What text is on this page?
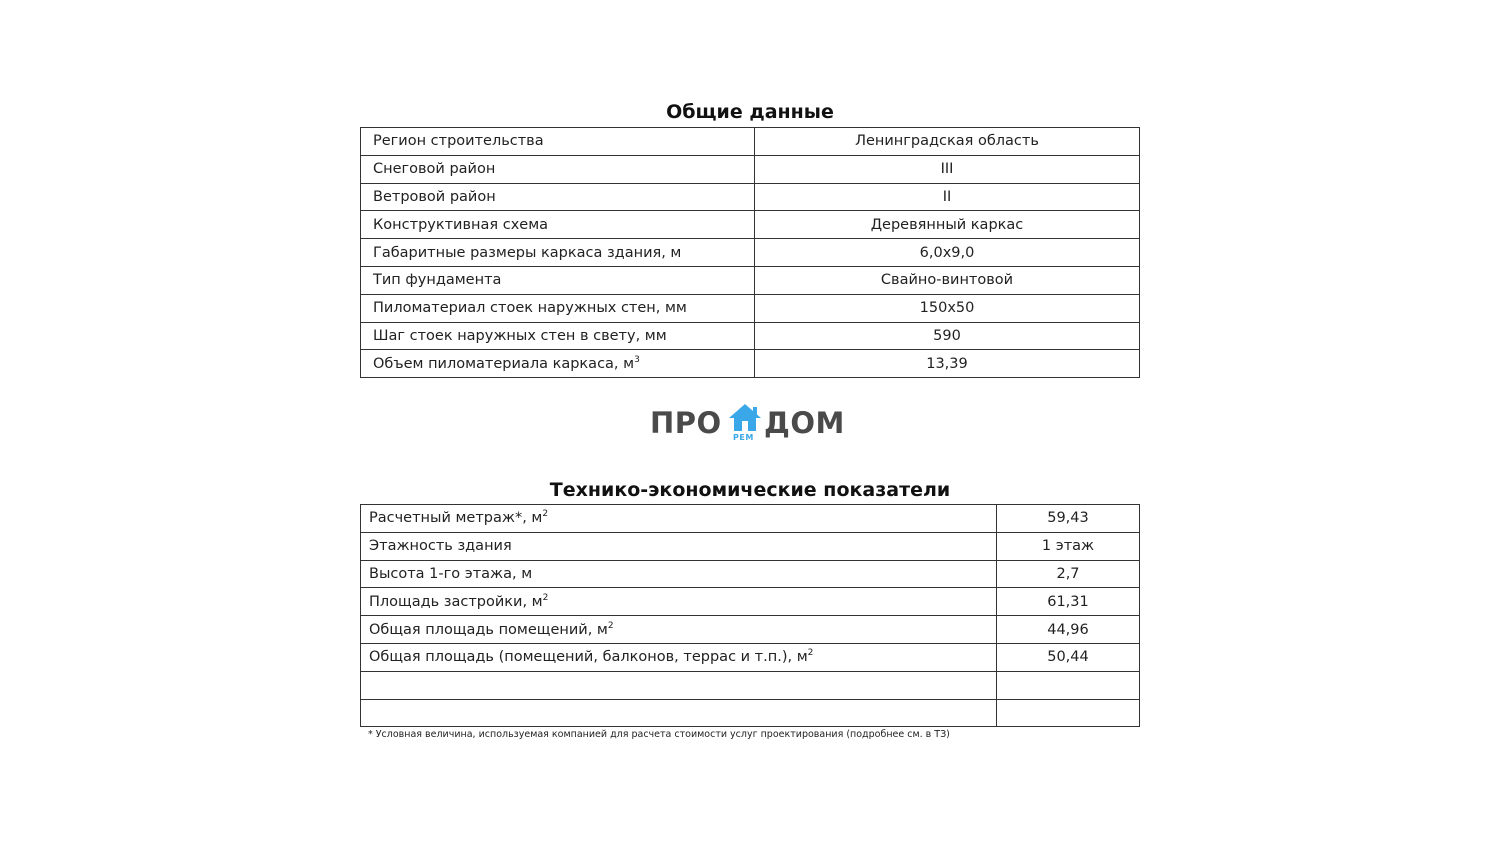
Общие данные
Регион строительства	Ленинградская область
Снеговой район	III
Ветровой район	II
Конструктивная схема	Деревянный каркас
Габаритные размеры каркаса здания, м	6,0х9,0
Тип фундамента	Свайно-винтовой
Пиломатериал стоек наружных стен, мм	150х50
Шаг стоек наружных стен в свету, мм	590
Объем пиломатериала каркаса, $м^3$	13,39
ПРО РЕМ ДОМ
Технико-экономические показатели
Расчетный метраж*, $м^2$	59,43
Этажность здания	1 этаж
Высота 1-го этажа, м	2,7
Площадь застройки, $м^2$	61,31
Общая площадь помещений, $м^2$	44,96
Общая площадь (помещений, балконов, террас и т.п.), $м^2$	50,44

* Условная величина, используемая компанией для расчета стоимости услуг проектирования (подробнее см. в ТЗ)
